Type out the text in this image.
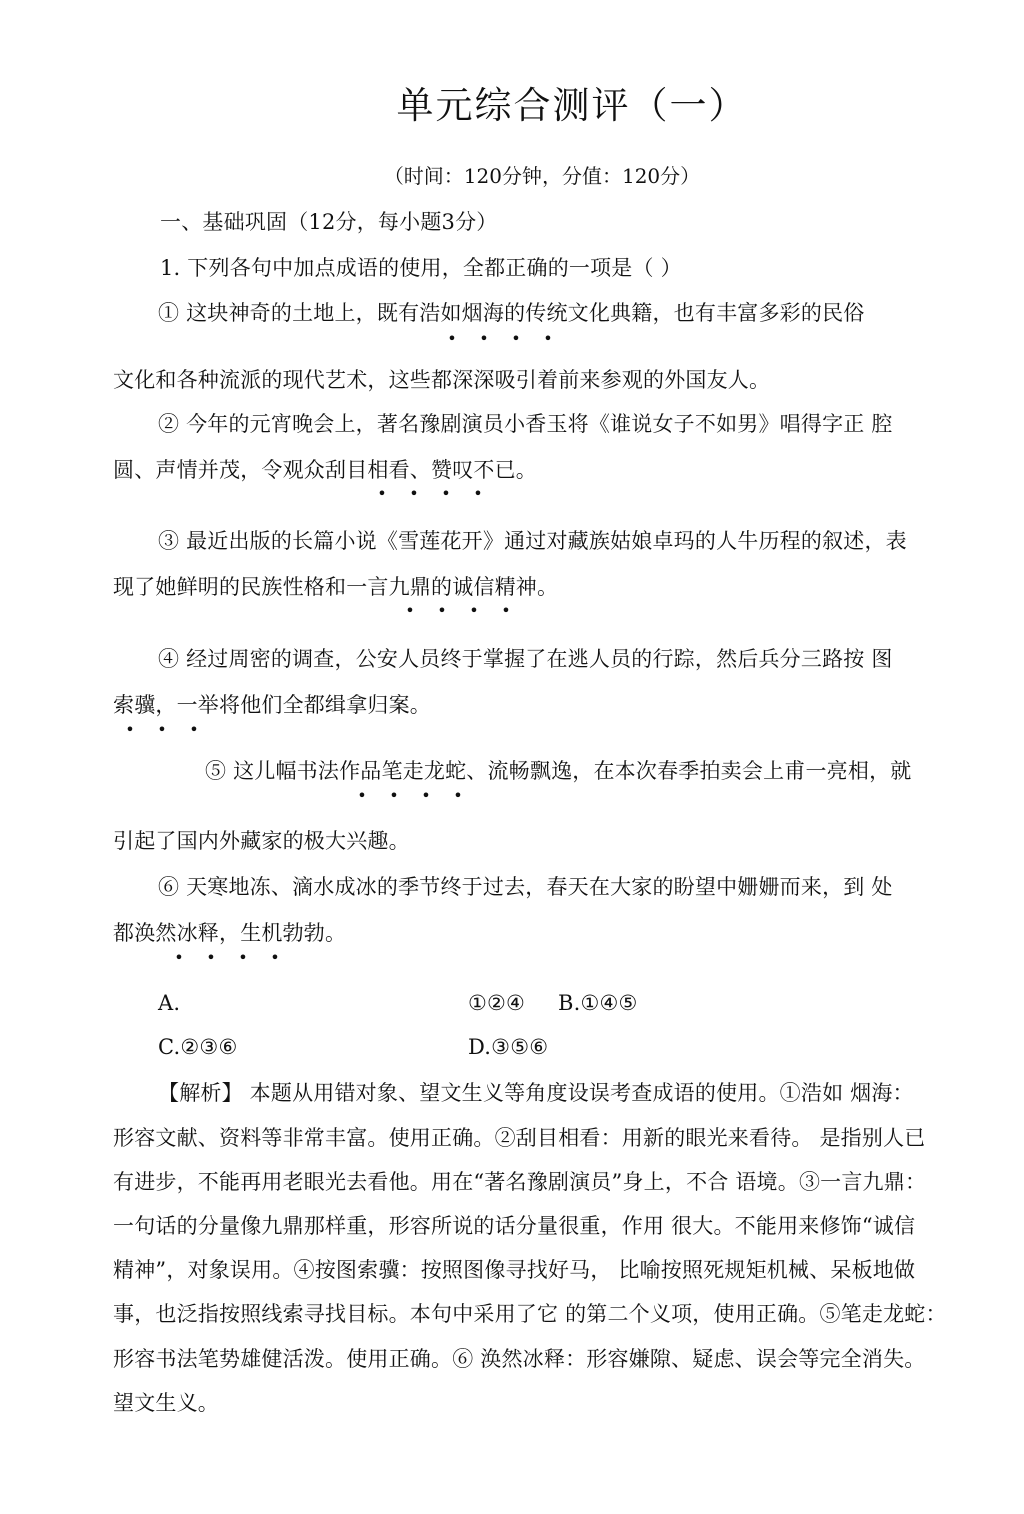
单元综合测评（一）
（时间：120分钟，分值：120分）
一、基础巩固（12分，每小题3分）
1. 下列各句中加点成语的使用，全都正确的一项是（ ）
① 这块神奇的土地上，既有浩如烟海的传统文化典籍，也有丰富多彩的民俗
• • • •
文化和各种流派的现代艺术，这些都深深吸引着前来参观的外国友人。
② 今年的元宵晚会上，著名豫剧演员小香玉将《谁说女子不如男》唱得字正 腔
圆、声情并茂，令观众刮目相看、赞叹不已。
• • • •
③ 最近出版的长篇小说《雪莲花开》通过对藏族姑娘卓玛的人牛历程的叙述，表
现了她鲜明的民族性格和一言九鼎的诚信精神。
• • • •
④ 经过周密的调查，公安人员终于掌握了在逃人员的行踪，然后兵分三路按 图
索骥，一举将他们全都缉拿归案。
• • •
⑤ 这儿幅书法作品笔走龙蛇、流畅飘逸，在本次春季拍卖会上甫一亮相，就
• • • •
引起了国内外藏家的极大兴趣。
⑥ 天寒地冻、滴水成冰的季节终于过去，春天在大家的盼望中姗姗而来，到 处
都涣然冰释，生机勃勃。
• • • •
A.	①②④ B.①④⑤
C.②③⑥	D.③⑤⑥
【解析】 本题从用错对象、望文生义等角度设误考查成语的使用。①浩如 烟海：
形容文献、资料等非常丰富。使用正确。②刮目相看：用新的眼光来看待。 是指别人已
有进步，不能再用老眼光去看他。用在“著名豫剧演员”身上，不合 语境。③一言九鼎：
一句话的分量像九鼎那样重，形容所说的话分量很重，作用 很大。不能用来修饰“诚信
精神”，对象误用。④按图索骥：按照图像寻找好马， 比喻按照死规矩机械、呆板地做
事，也泛指按照线索寻找目标。本句中采用了它 的第二个义项，使用正确。⑤笔走龙蛇：
形容书法笔势雄健活泼。使用正确。⑥ 涣然冰释：形容嫌隙、疑虑、误会等完全消失。
望文生义。
